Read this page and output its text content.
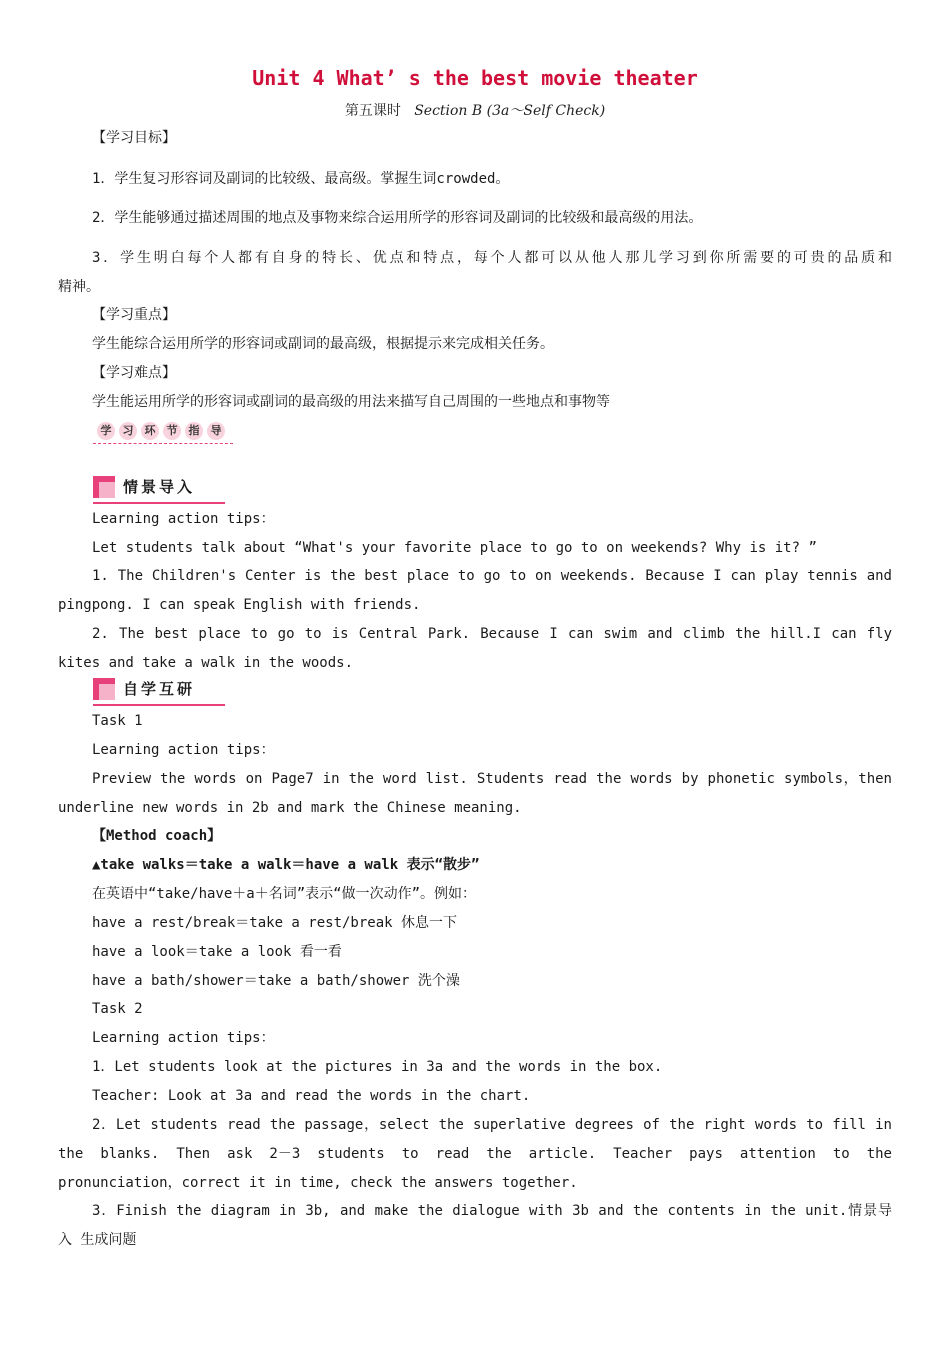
Unit 4 What’ s the best movie theater
第五课时 Section B (3a～Self Check)
【学习目标】
1．学生复习形容词及副词的比较级、最高级。掌握生词crowded。
2．学生能够通过描述周围的地点及事物来综合运用所学的形容词及副词的比较级和最高级的用法。
3．学生明白每个人都有自身的特长、优点和特点，每个人都可以从他人那儿学习到你所需要的可贵的品质和
精神。
【学习重点】
学生能综合运用所学的形容词或副词的最高级，根据提示来完成相关任务。
【学习难点】
学生能运用所学的形容词或副词的最高级的用法来描写自己周围的一些地点和事物等
学	习	环	节	指	导
情景导入
Learning action tips：
Let students talk about “What's your favorite place to go to on weekends? Why is it? ”
1. The Children's Center is the best place to go to on weekends. Because I can play tennis and
pingpong. I can speak English with friends.
2. The best place to go to is Central Park. Because I can swim and climb the hill.I can fly
kites and take a walk in the woods.
自学互研
Task 1
Learning action tips：
Preview the words on Page7 in the word list. Students read the words by phonetic symbols，then
underline new words in 2b and mark the Chinese meaning.
【Method coach】
▲take walks＝take a walk＝have a walk 表示“散步”
在英语中“take/have＋a＋名词”表示“做一次动作”。例如：
have a rest/break＝take a rest/break 休息一下
have a look＝take a look 看一看
have a bath/shower＝take a bath/shower 洗个澡
Task 2
Learning action tips：
1．Let students look at the pictures in 3a and the words in the box.
Teacher: Look at 3a and read the words in the chart.
2．Let students read the passage，select the superlative degrees of the right words to fill in
the blanks. Then ask 2－3 students to read the article. Teacher pays attention to the
pronunciation，correct it in time, check the answers together.
3．Finish the diagram in 3b, and make the dialogue with 3b and the contents in the unit.情景导
入 生成问题
